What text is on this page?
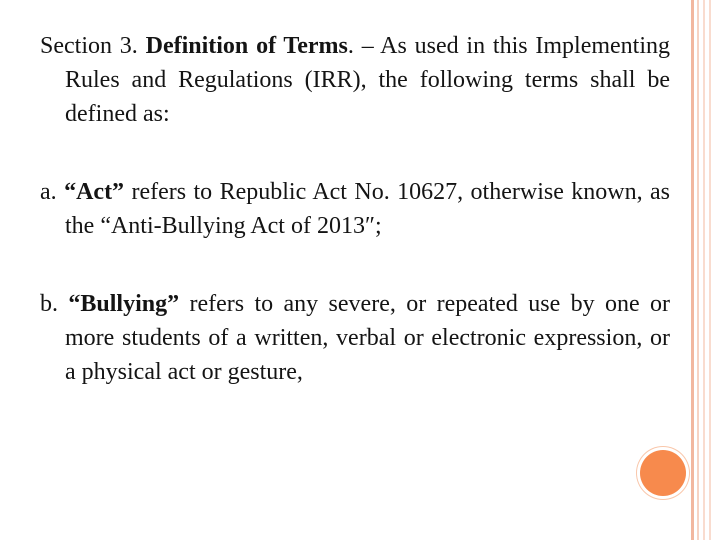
Section 3. Definition of Terms. – As used in this Implementing Rules and Regulations (IRR), the following terms shall be defined as:

a. “Act” refers to Republic Act No. 10627, otherwise known, as the “Anti-Bullying Act of 2013″;

b. “Bullying” refers to any severe, or repeated use by one or more students of a written, verbal or electronic expression, or a physical act or gesture,
